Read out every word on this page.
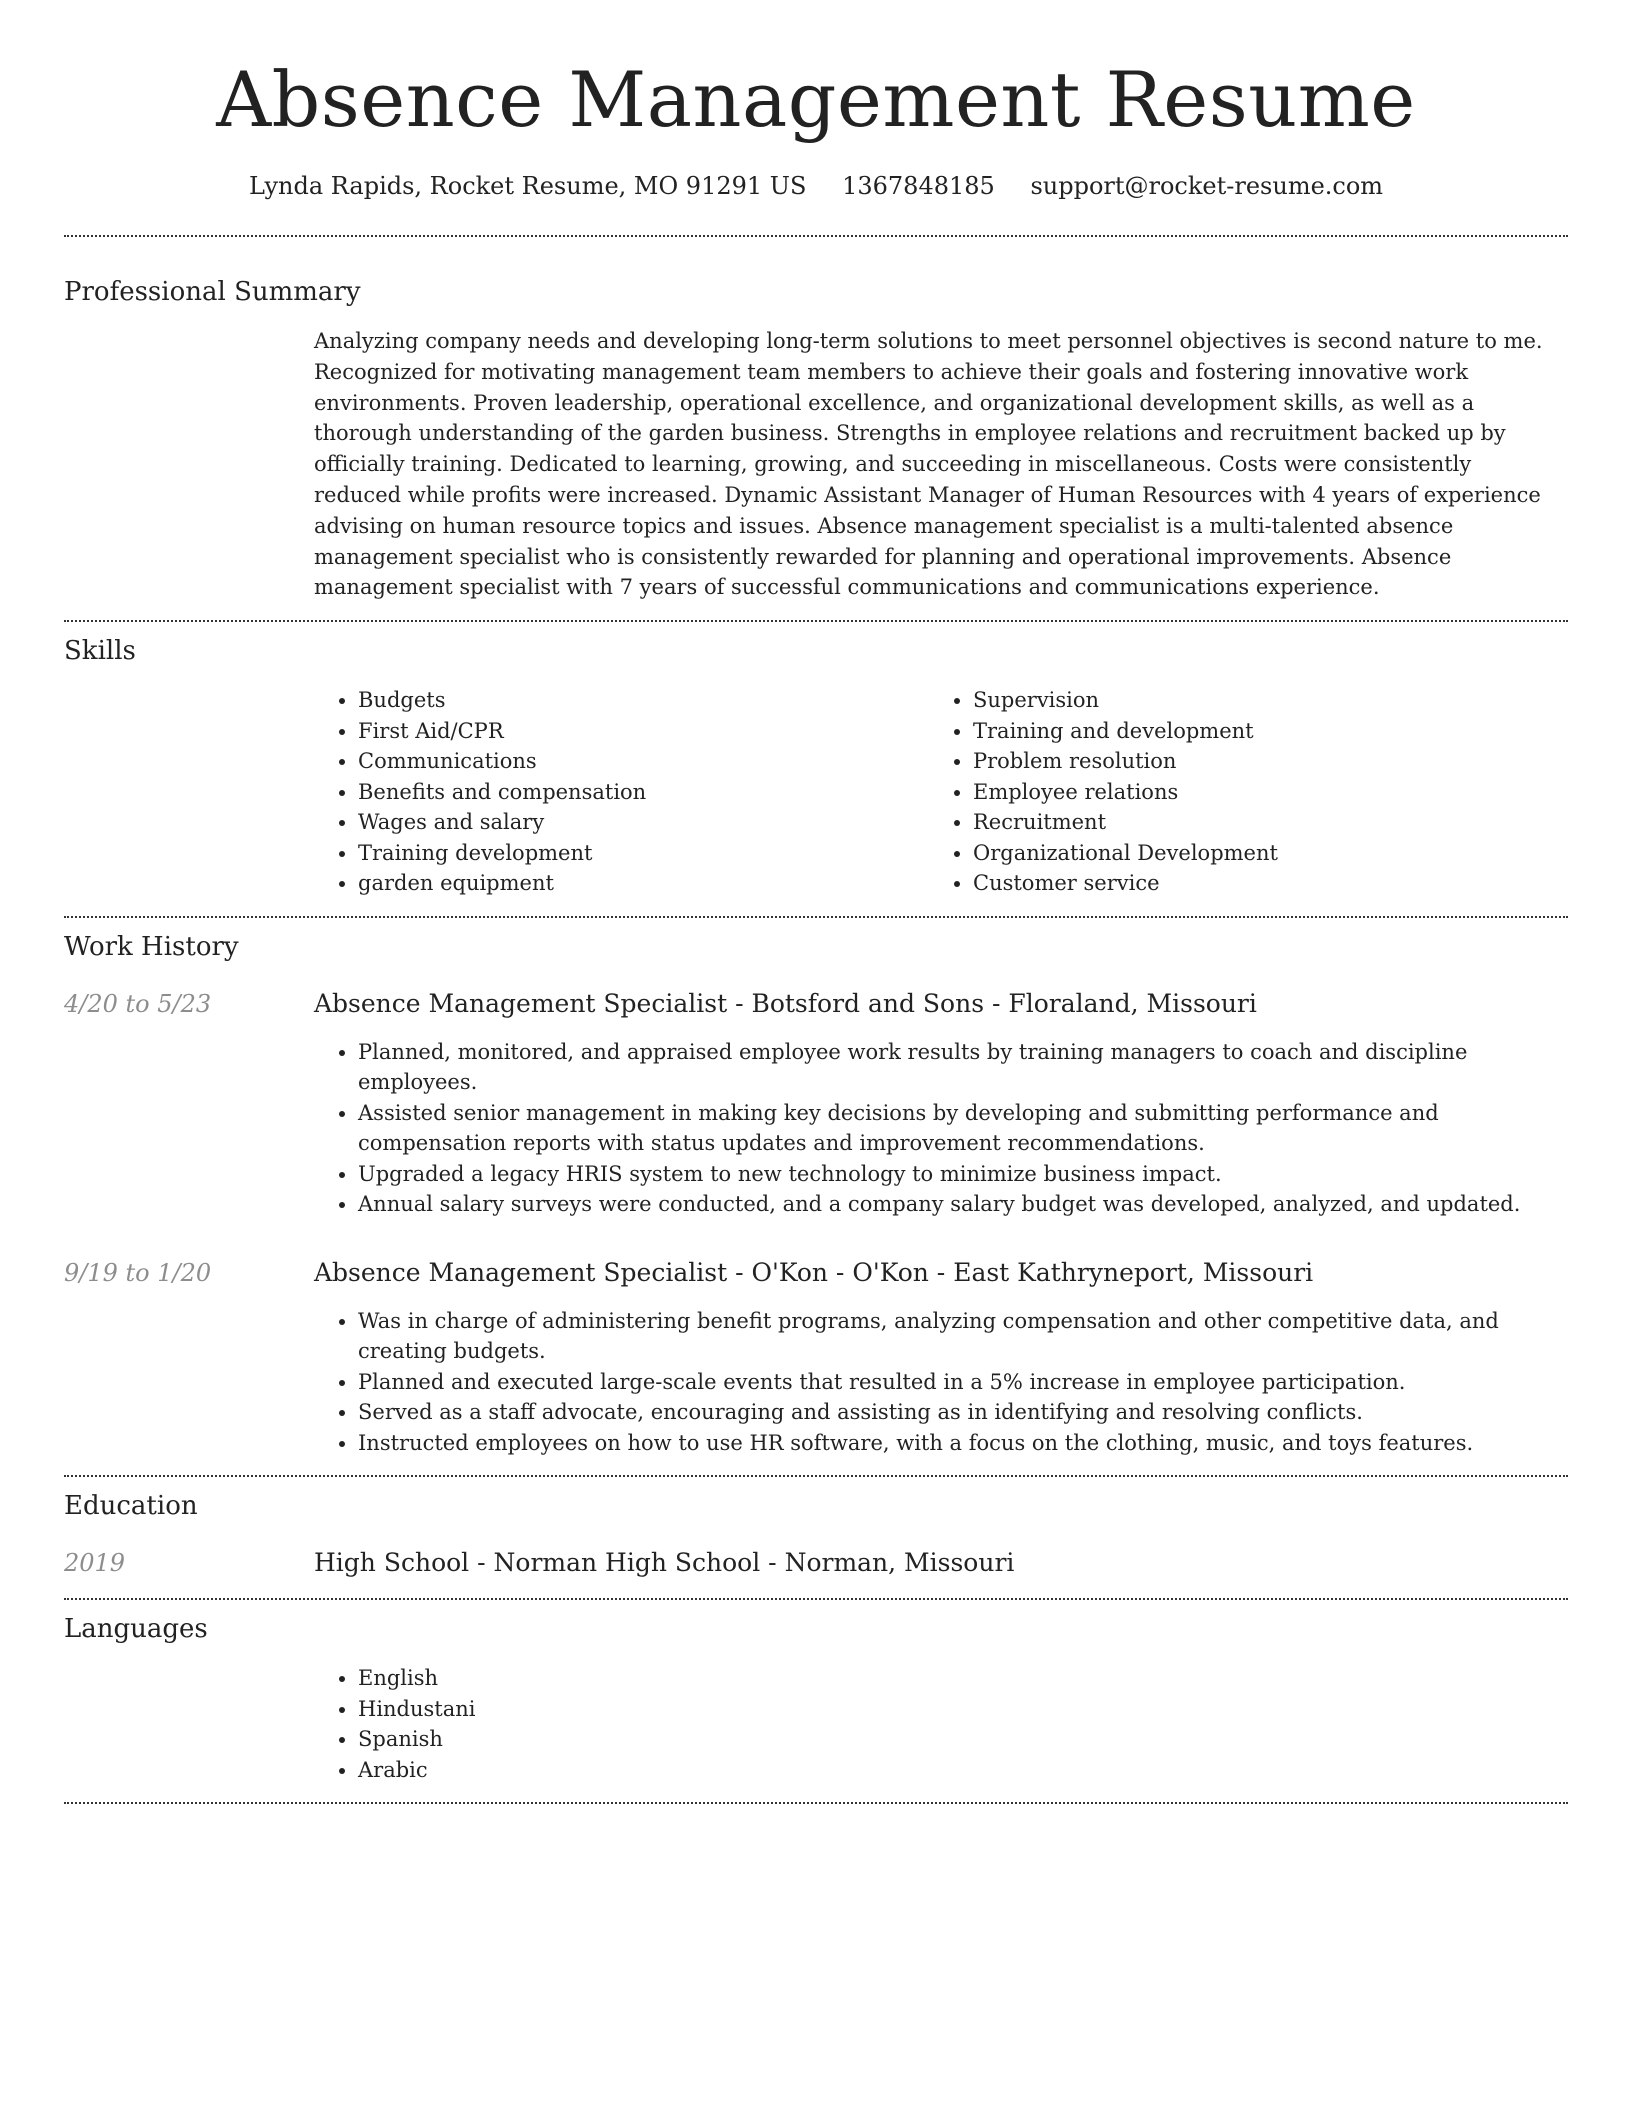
Absence Management Resume
Lynda Rapids, Rocket Resume, MO 91291 US 1367848185 support@rocket-resume.com
Professional Summary
Analyzing company needs and developing long-term solutions to meet personnel objectives is second nature to me. Recognized for motivating management team members to achieve their goals and fostering innovative work environments. Proven leadership, operational excellence, and organizational development skills, as well as a thorough understanding of the garden business. Strengths in employee relations and recruitment backed up by officially training. Dedicated to learning, growing, and succeeding in miscellaneous. Costs were consistently reduced while profits were increased. Dynamic Assistant Manager of Human Resources with 4 years of experience advising on human resource topics and issues. Absence management specialist is a multi-talented absence management specialist who is consistently rewarded for planning and operational improvements. Absence management specialist with 7 years of successful communications and communications experience.
Skills
• Budgets
• First Aid/CPR
• Communications
• Benefits and compensation
• Wages and salary
• Training development
• garden equipment
• Supervision
• Training and development
• Problem resolution
• Employee relations
• Recruitment
• Organizational Development
• Customer service
Work History
4/20 to 5/23	Absence Management Specialist - Botsford and Sons - Floraland, Missouri
• Planned, monitored, and appraised employee work results by training managers to coach and discipline employees.
• Assisted senior management in making key decisions by developing and submitting performance and compensation reports with status updates and improvement recommendations.
• Upgraded a legacy HRIS system to new technology to minimize business impact.
• Annual salary surveys were conducted, and a company salary budget was developed, analyzed, and updated.
9/19 to 1/20	Absence Management Specialist - O'Kon - O'Kon - East Kathryneport, Missouri
• Was in charge of administering benefit programs, analyzing compensation and other competitive data, and creating budgets.
• Planned and executed large-scale events that resulted in a 5% increase in employee participation.
• Served as a staff advocate, encouraging and assisting as in identifying and resolving conflicts.
• Instructed employees on how to use HR software, with a focus on the clothing, music, and toys features.
Education
2019	High School - Norman High School - Norman, Missouri
Languages
• English
• Hindustani
• Spanish
• Arabic
